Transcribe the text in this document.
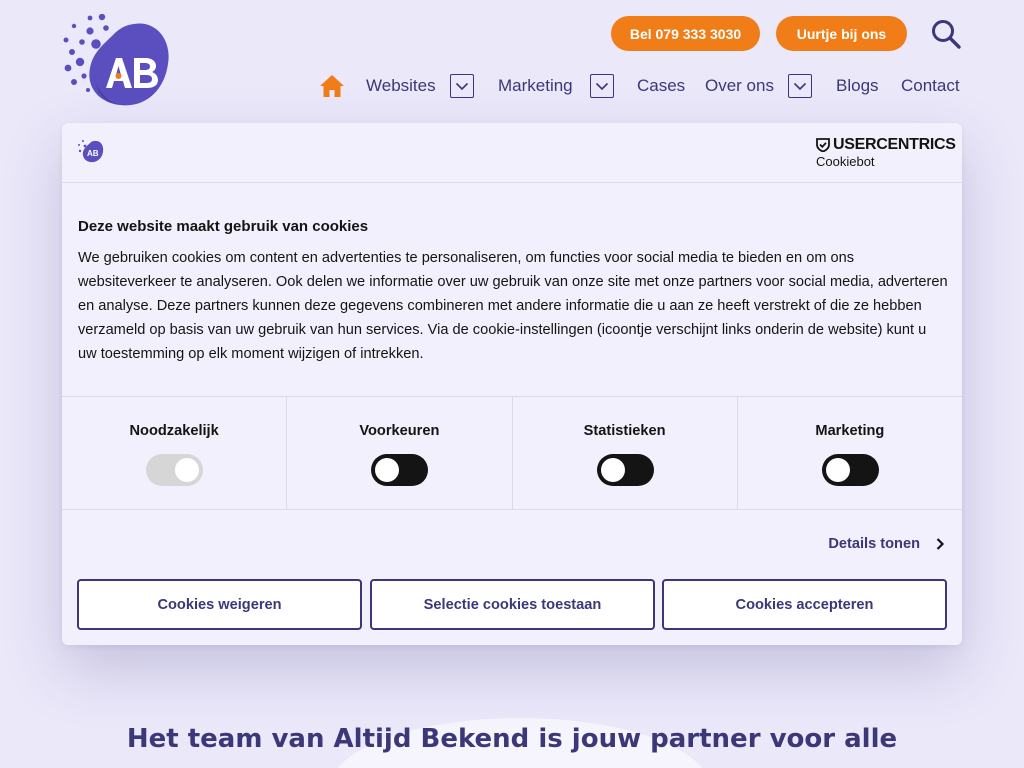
Bel 079 333 3030	Uurtje bij ons
Websites	Marketing	Cases Over ons	Blogs Contact
Het team van Altijd Bekend is jouw partner voor alle
AB
USERCENTRICS
Cookiebot
Deze website maakt gebruik van cookies

We gebruiken cookies om content en advertenties te personaliseren, om functies voor social media te bieden en om ons websiteverkeer te analyseren. Ook delen we informatie over uw gebruik van onze site met onze partners voor social media, adverteren en analyse. Deze partners kunnen deze gegevens combineren met andere informatie die u aan ze heeft verstrekt of die ze hebben verzameld op basis van uw gebruik van hun services. Via de cookie-instellingen (icoontje verschijnt links onderin de website) kunt u uw toestemming op elk moment wijzigen of intrekken.

Noodzakelijk	Voorkeuren	Statistieken	Marketing
Details tonen
Cookies weigeren	Selectie cookies toestaan	Cookies accepteren
